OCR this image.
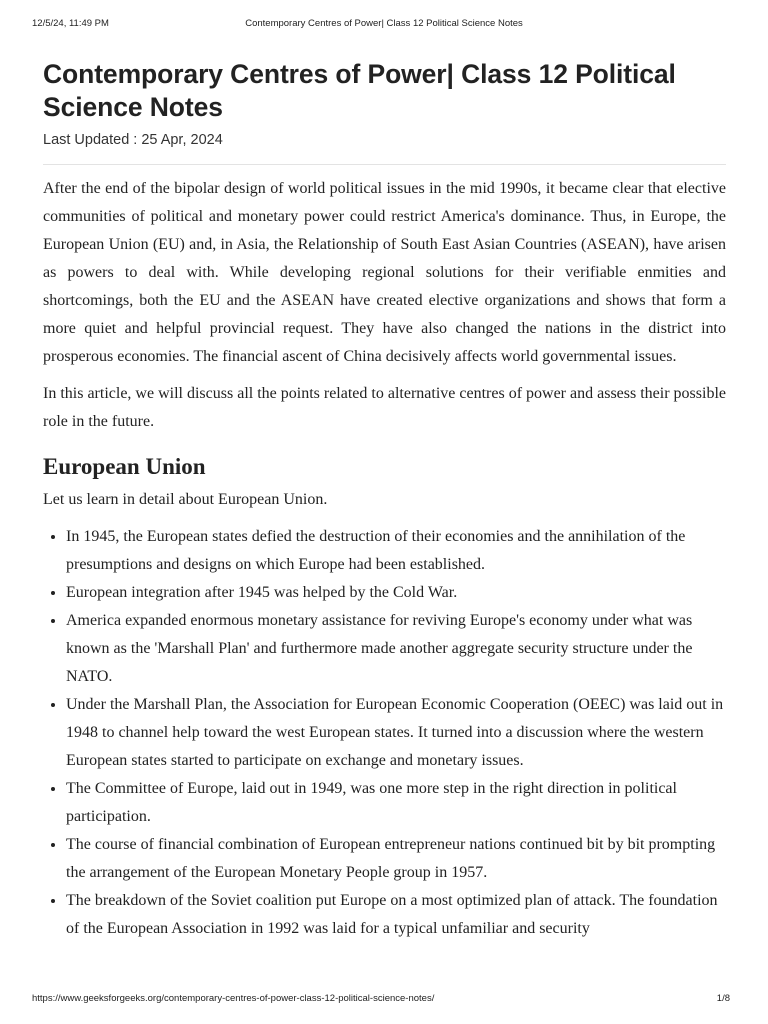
12/5/24, 11:49 PM	Contemporary Centres of Power| Class 12 Political Science Notes
Contemporary Centres of Power| Class 12 Political Science Notes
Last Updated : 25 Apr, 2024

After the end of the bipolar design of world political issues in the mid 1990s, it became clear that elective communities of political and monetary power could restrict America's dominance. Thus, in Europe, the European Union (EU) and, in Asia, the Relationship of South East Asian Countries (ASEAN), have arisen as powers to deal with. While developing regional solutions for their verifiable enmities and shortcomings, both the EU and the ASEAN have created elective organizations and shows that form a more quiet and helpful provincial request. They have also changed the nations in the district into prosperous economies. The financial ascent of China decisively affects world governmental issues.

In this article, we will discuss all the points related to alternative centres of power and assess their possible role in the future.

European Union

Let us learn in detail about European Union.

• In 1945, the European states defied the destruction of their economies and the annihilation of the presumptions and designs on which Europe had been established.
• European integration after 1945 was helped by the Cold War.
• America expanded enormous monetary assistance for reviving Europe's economy under what was known as the 'Marshall Plan' and furthermore made another aggregate security structure under the NATO.
• Under the Marshall Plan, the Association for European Economic Cooperation (OEEC) was laid out in 1948 to channel help toward the west European states. It turned into a discussion where the western European states started to participate on exchange and monetary issues.
• The Committee of Europe, laid out in 1949, was one more step in the right direction in political participation.
• The course of financial combination of European entrepreneur nations continued bit by bit prompting the arrangement of the European Monetary People group in 1957.
• The breakdown of the Soviet coalition put Europe on a most optimized plan of attack. The foundation of the European Association in 1992 was laid for a typical unfamiliar and security
https://www.geeksforgeeks.org/contemporary-centres-of-power-class-12-political-science-notes/	1/8
